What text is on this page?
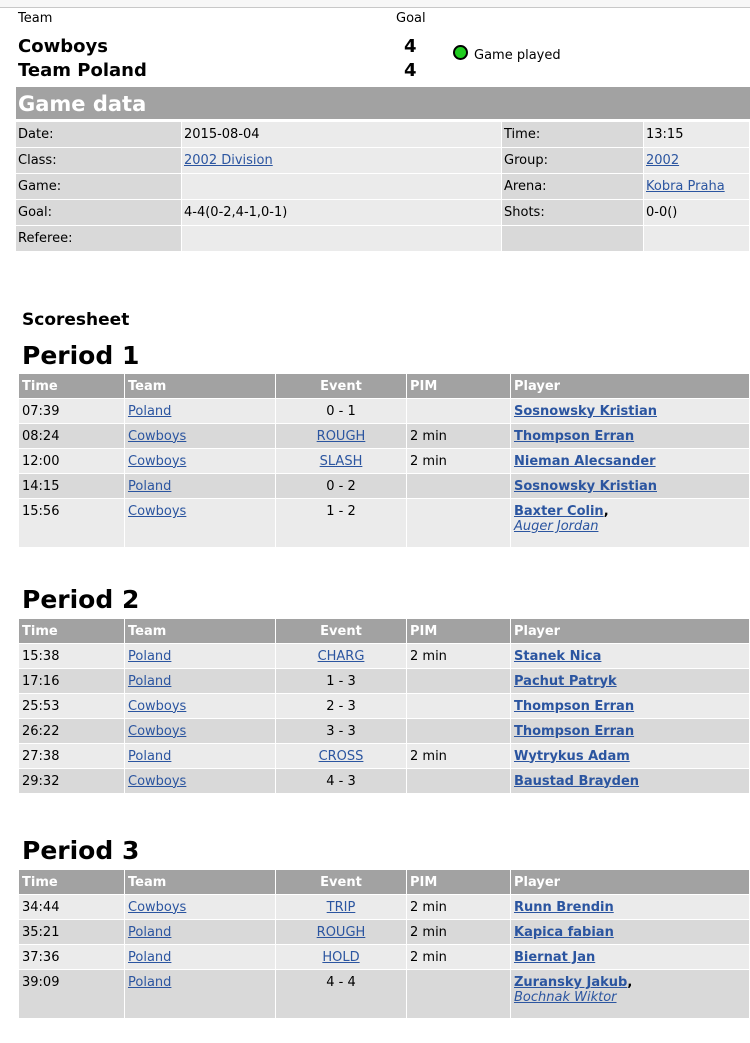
Team	Goal
Cowboys	4
Team Poland	4
Game played
Game data
Date:	2015-08-04	Time:	13:15
Class:	2002 Division	Group:	2002
Game:		Arena:	Kobra Praha
Goal:	4-4(0-2,4-1,0-1)	Shots:	0-0()
Referee:			
Scoresheet
Period 1
Time	Team	Event	PIM	Player
07:39	Poland	0 - 1		Sosnowsky Kristian
08:24	Cowboys	ROUGH	2 min	Thompson Erran
12:00	Cowboys	SLASH	2 min	Nieman Alecsander
14:15	Poland	0 - 2		Sosnowsky Kristian
15:56	Cowboys	1 - 2		Baxter Colin,
Auger Jordan
Period 2
Time	Team	Event	PIM	Player
15:38	Poland	CHARG	2 min	Stanek Nica
17:16	Poland	1 - 3		Pachut Patryk
25:53	Cowboys	2 - 3		Thompson Erran
26:22	Cowboys	3 - 3		Thompson Erran
27:38	Poland	CROSS	2 min	Wytrykus Adam
29:32	Cowboys	4 - 3		Baustad Brayden
Period 3
Time	Team	Event	PIM	Player
34:44	Cowboys	TRIP	2 min	Runn Brendin
35:21	Poland	ROUGH	2 min	Kapica fabian
37:36	Poland	HOLD	2 min	Biernat Jan
39:09	Poland	4 - 4		Zuransky Jakub,
Bochnak Wiktor
